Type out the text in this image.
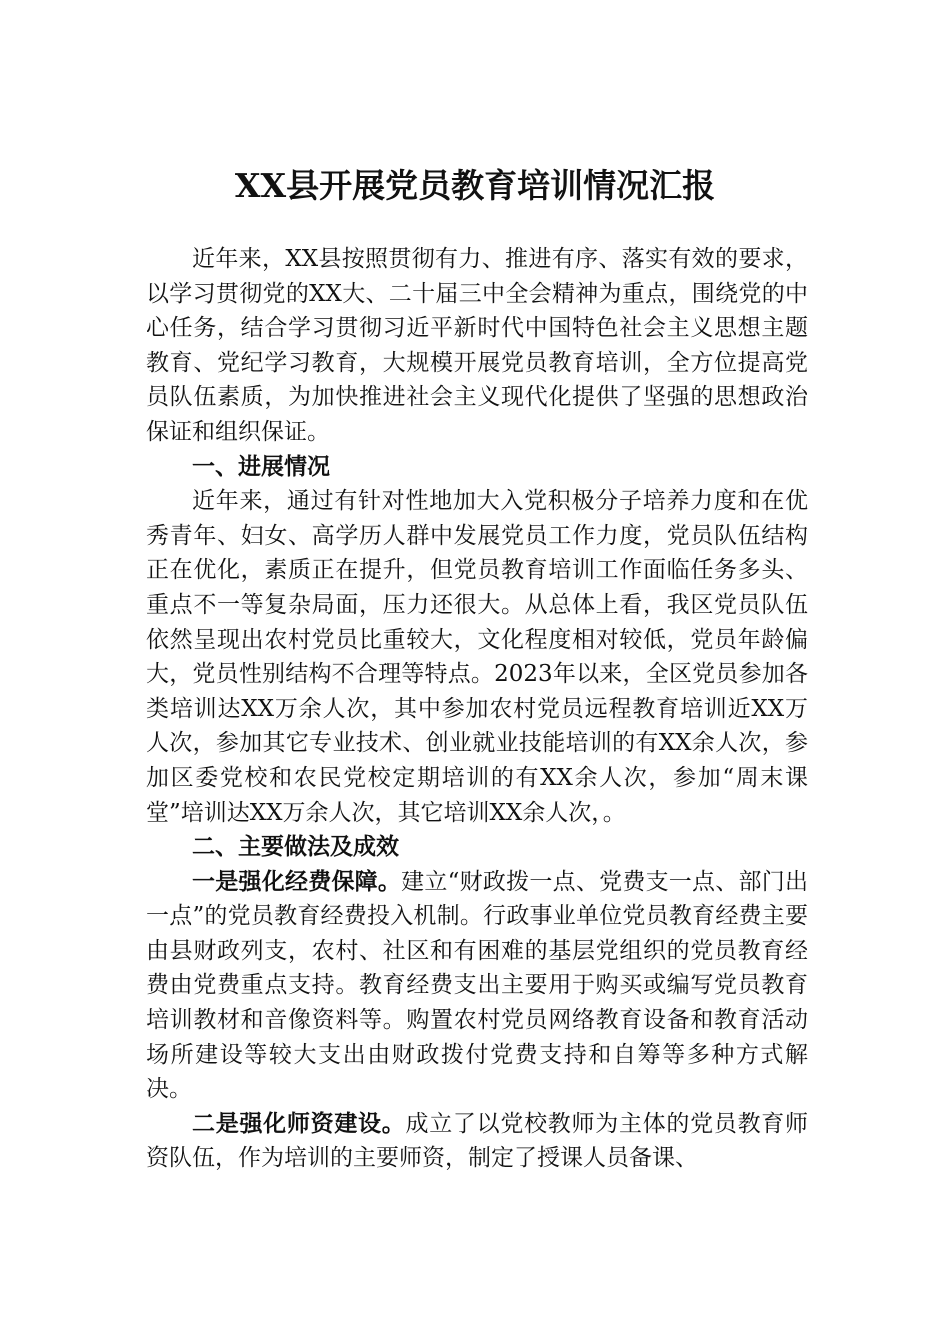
XX县开展党员教育培训情况汇报

近年来，XX县按照贯彻有力、推进有序、落实有效的要求，以学习贯彻党的XX大、二十届三中全会精神为重点，围绕党的中心任务，结合学习贯彻习近平新时代中国特色社会主义思想主题教育、党纪学习教育，大规模开展党员教育培训，全方位提高党员队伍素质，为加快推进社会主义现代化提供了坚强的思想政治保证和组织保证。

一、进展情况

近年来，通过有针对性地加大入党积极分子培养力度和在优秀青年、妇女、高学历人群中发展党员工作力度，党员队伍结构正在优化，素质正在提升，但党员教育培训工作面临任务多头、重点不一等复杂局面，压力还很大。从总体上看，我区党员队伍依然呈现出农村党员比重较大，文化程度相对较低，党员年龄偏大，党员性别结构不合理等特点。2023年以来，全区党员参加各类培训达XX万余人次，其中参加农村党员远程教育培训近XX万人次，参加其它专业技术、创业就业技能培训的有XX余人次，参加区委党校和农民党校定期培训的有XX余人次，参加“周末课堂”培训达XX万余人次，其它培训XX余人次，。

二、主要做法及成效

一是强化经费保障。建立“财政拨一点、党费支一点、部门出一点”的党员教育经费投入机制。行政事业单位党员教育经费主要由县财政列支，农村、社区和有困难的基层党组织的党员教育经费由党费重点支持。教育经费支出主要用于购买或编写党员教育培训教材和音像资料等。购置农村党员网络教育设备和教育活动场所建设等较大支出由财政拨付党费支持和自筹等多种方式解决。

二是强化师资建设。成立了以党校教师为主体的党员教育师资队伍，作为培训的主要师资，制定了授课人员备课、
